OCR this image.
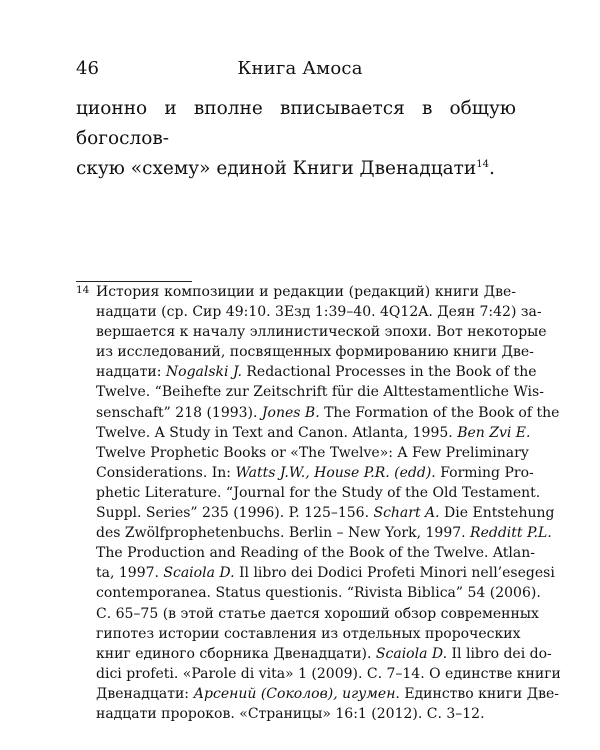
46	Книга Амоса
ционно и вполне вписывается в общую богослов-
скую «схему» единой Книги Двенадцати$^{14}$.
14 История композиции и редакции (редакций) книги Две-
надцати (ср. Сир 49:10. 3Езд 1:39–40. 4Q12A. Деян 7:42) за-
вершается к началу эллинистической эпохи. Вот некоторые
из исследований, посвященных формированию книги Две-
надцати: Nogalski J. Redactional Processes in the Book of the
Twelve. “Beihefte zur Zeitschrift für die Alttestamentliche Wis-
senschaft” 218 (1993). Jones B. The Formation of the Book of the
Twelve. A Study in Text and Canon. Atlanta, 1995. Ben Zvi E.
Twelve Prophetic Books or «The Twelve»: A Few Preliminary
Considerations. In: Watts J.W., House P.R. (edd). Forming Pro-
phetic Literature. “Journal for the Study of the Old Testament.
Suppl. Series” 235 (1996). P. 125–156. Schart A. Die Entstehung
des Zwölfprophetenbuchs. Berlin – New York, 1997. Redditt P.L.
The Production and Reading of the Book of the Twelve. Atlan-
ta, 1997. Scaiola D. Il libro dei Dodici Profeti Minori nell’esegesi
contemporanea. Status questionis. “Rivista Biblica” 54 (2006).
С. 65–75 (в этой статье дается хороший обзор современных
гипотез истории составления из отдельных пророческих
книг единого сборника Двенадцати). Scaiola D. Il libro dei do-
dici profeti. «Parole di vita» 1 (2009). С. 7–14. О единстве книги
Двенадцати: Арсений (Соколов), игумен. Единство книги Две-
надцати пророков. «Страницы» 16:1 (2012). С. 3–12.
